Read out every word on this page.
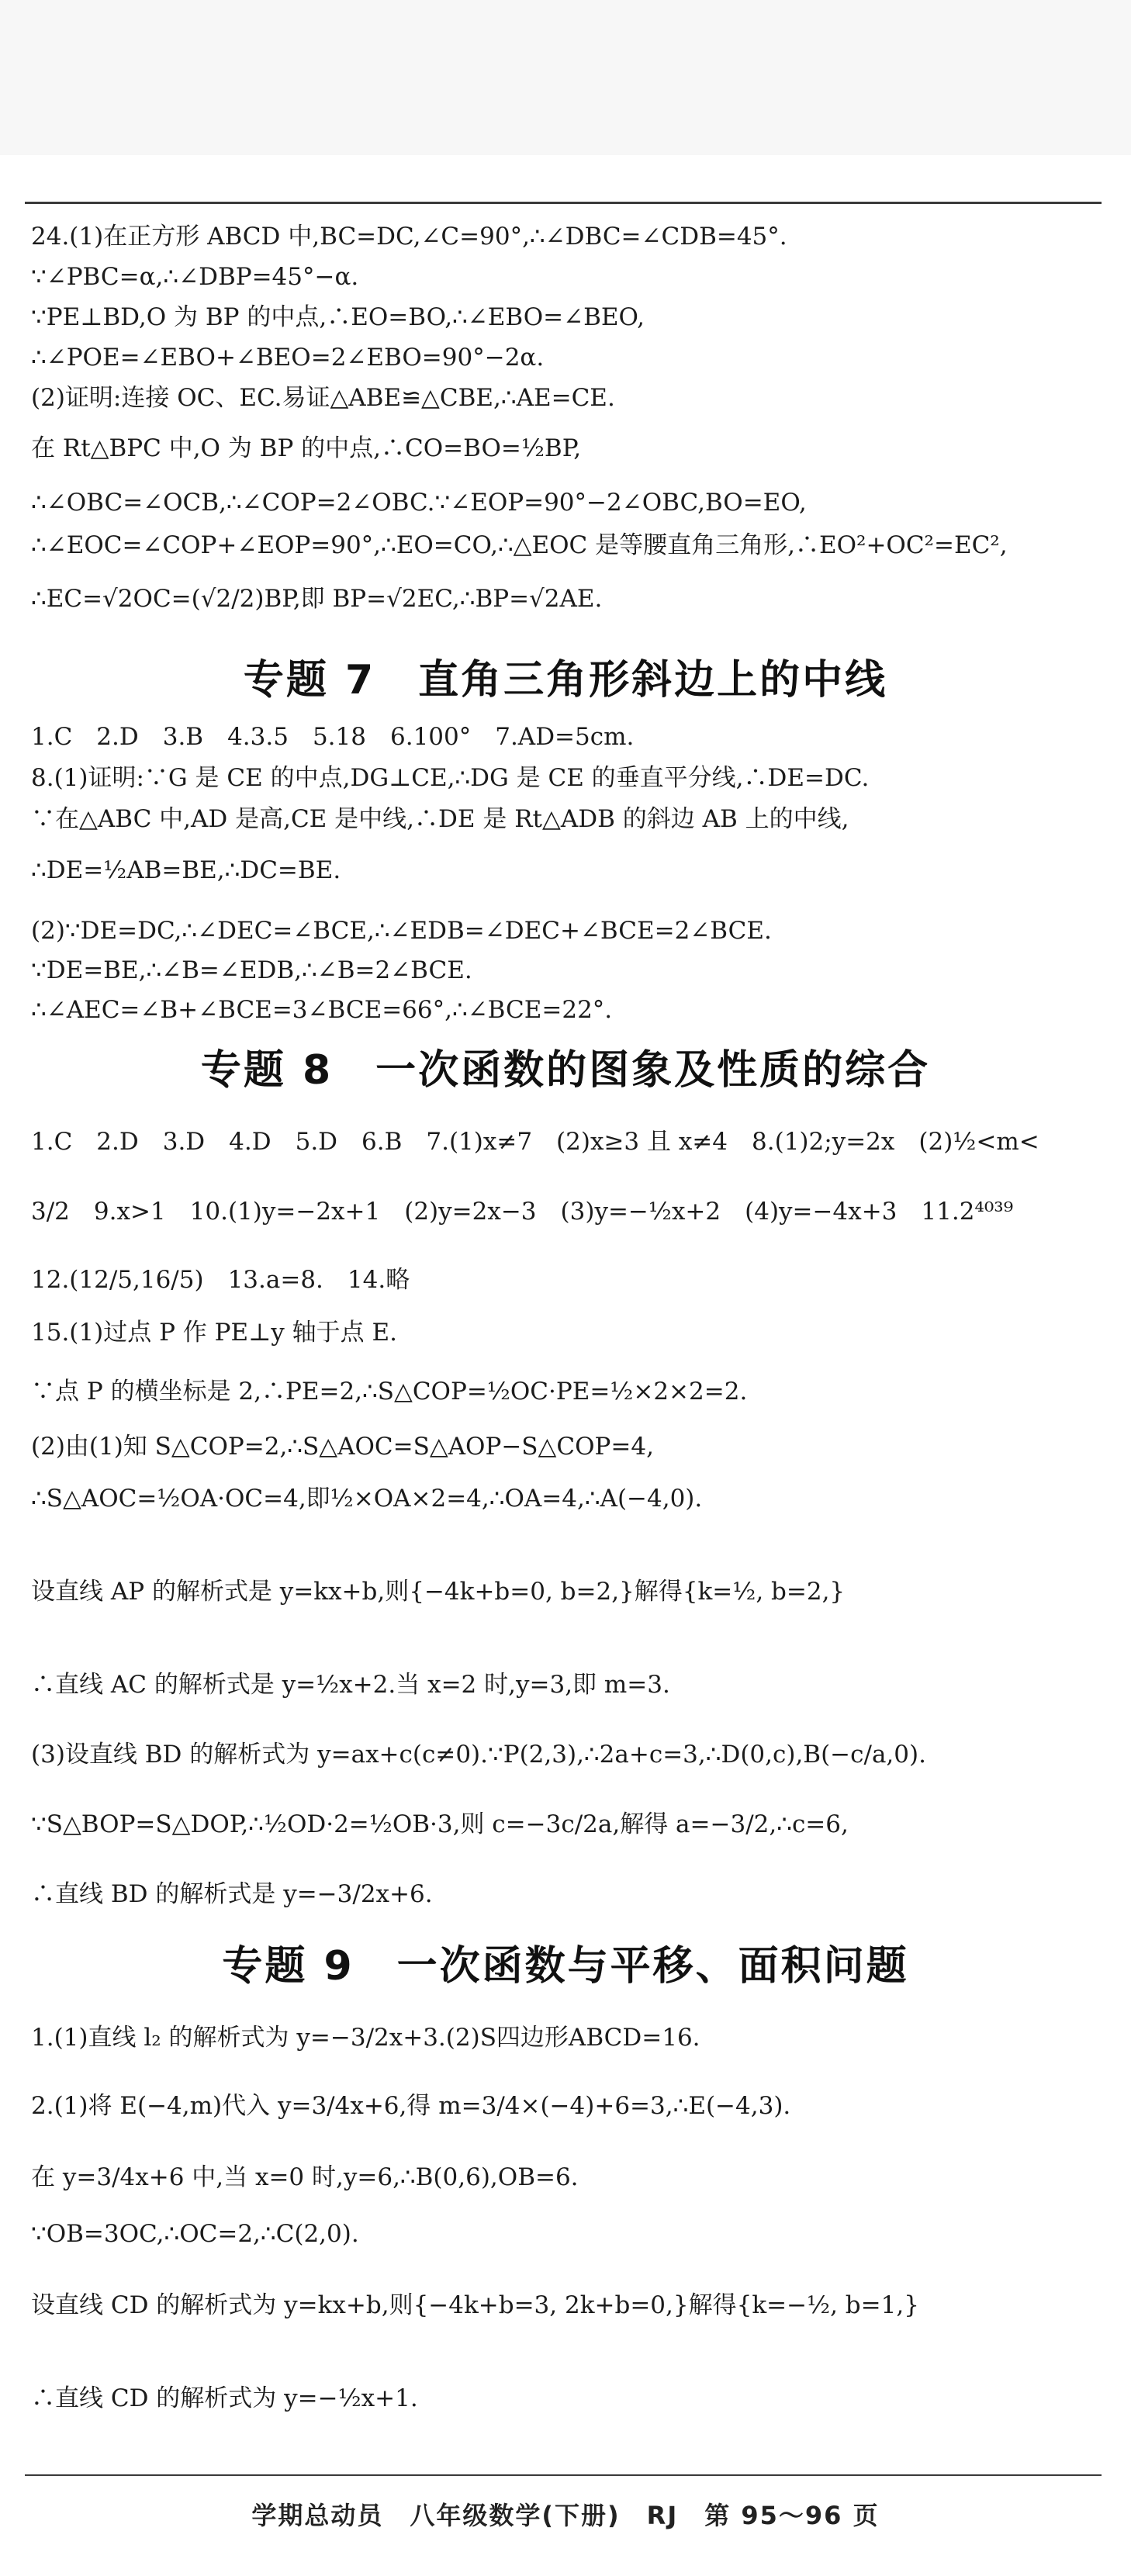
24.(1)在正方形 ABCD 中,BC=DC,∠C=90°,∴∠DBC=∠CDB=45°.
∵∠PBC=α,∴∠DBP=45°−α.
∵PE⊥BD,O 为 BP 的中点,∴EO=BO,∴∠EBO=∠BEO,
∴∠POE=∠EBO+∠BEO=2∠EBO=90°−2α.
(2)证明:连接 OC、EC.易证△ABE≌△CBE,∴AE=CE.
在 Rt△BPC 中,O 为 BP 的中点,∴CO=BO=½BP,
∴∠OBC=∠OCB,∴∠COP=2∠OBC.∵∠EOP=90°−2∠OBC,BO=EO,
∴∠EOC=∠COP+∠EOP=90°,∴EO=CO,∴△EOC 是等腰直角三角形,∴EO²+OC²=EC²,
∴EC=√2OC=(√2/2)BP,即 BP=√2EC,∴BP=√2AE.
专题 7　直角三角形斜边上的中线
1.C　2.D　3.B　4.3.5　5.18　6.100°　7.AD=5cm.
8.(1)证明:∵G 是 CE 的中点,DG⊥CE,∴DG 是 CE 的垂直平分线,∴DE=DC.
∵在△ABC 中,AD 是高,CE 是中线,∴DE 是 Rt△ADB 的斜边 AB 上的中线,
∴DE=½AB=BE,∴DC=BE.
(2)∵DE=DC,∴∠DEC=∠BCE,∴∠EDB=∠DEC+∠BCE=2∠BCE.
∵DE=BE,∴∠B=∠EDB,∴∠B=2∠BCE.
∴∠AEC=∠B+∠BCE=3∠BCE=66°,∴∠BCE=22°.
专题 8　一次函数的图象及性质的综合
1.C　2.D　3.D　4.D　5.D　6.B　7.(1)x≠7　(2)x≥3 且 x≠4　8.(1)2;y=2x　(2)½<m<
3/2　9.x>1　10.(1)y=−2x+1　(2)y=2x−3　(3)y=−½x+2　(4)y=−4x+3　11.2⁴⁰³⁹
12.(12/5,16/5)　13.a=8.　14.略
15.(1)过点 P 作 PE⊥y 轴于点 E.
∵点 P 的横坐标是 2,∴PE=2,∴S△COP=½OC·PE=½×2×2=2.
(2)由(1)知 S△COP=2,∴S△AOC=S△AOP−S△COP=4,
∴S△AOC=½OA·OC=4,即½×OA×2=4,∴OA=4,∴A(−4,0).
设直线 AP 的解析式是 y=kx+b,则{−4k+b=0, b=2,}解得{k=½, b=2,}
∴直线 AC 的解析式是 y=½x+2.当 x=2 时,y=3,即 m=3.
(3)设直线 BD 的解析式为 y=ax+c(c≠0).∵P(2,3),∴2a+c=3,∴D(0,c),B(−c/a,0).
∵S△BOP=S△DOP,∴½OD·2=½OB·3,则 c=−3c/2a,解得 a=−3/2,∴c=6,
∴直线 BD 的解析式是 y=−3/2x+6.
专题 9　一次函数与平移、面积问题
1.(1)直线 l₂ 的解析式为 y=−3/2x+3.(2)S四边形ABCD=16.
2.(1)将 E(−4,m)代入 y=3/4x+6,得 m=3/4×(−4)+6=3,∴E(−4,3).
在 y=3/4x+6 中,当 x=0 时,y=6,∴B(0,6),OB=6.
∵OB=3OC,∴OC=2,∴C(2,0).
设直线 CD 的解析式为 y=kx+b,则{−4k+b=3, 2k+b=0,}解得{k=−½, b=1,}
∴直线 CD 的解析式为 y=−½x+1.
学期总动员　八年级数学(下册)　RJ　第 95～96 页
